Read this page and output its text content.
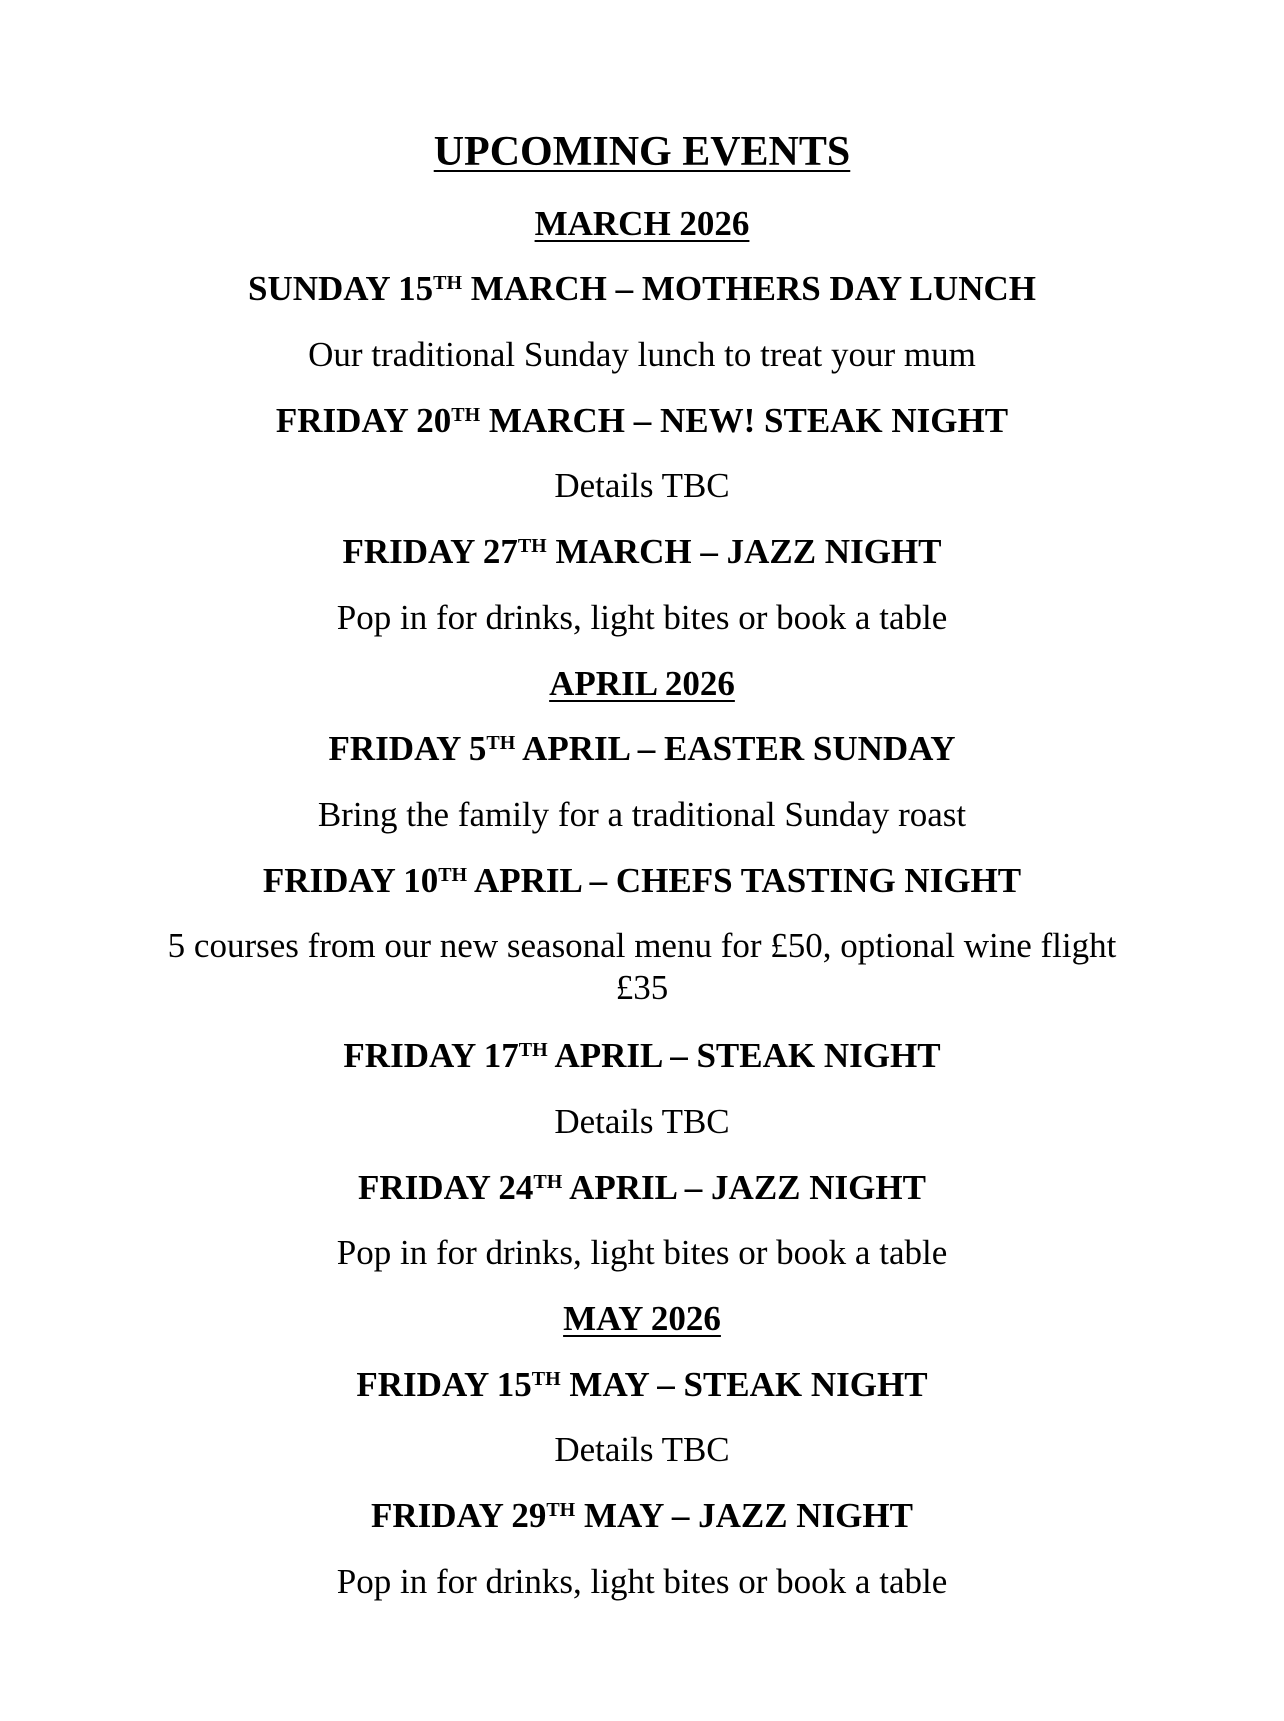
UPCOMING EVENTS
MARCH 2026
SUNDAY 15TH MARCH – MOTHERS DAY LUNCH
Our traditional Sunday lunch to treat your mum
FRIDAY 20TH MARCH – NEW! STEAK NIGHT
Details TBC
FRIDAY 27TH MARCH – JAZZ NIGHT
Pop in for drinks, light bites or book a table
APRIL 2026
FRIDAY 5TH APRIL – EASTER SUNDAY
Bring the family for a traditional Sunday roast
FRIDAY 10TH APRIL – CHEFS TASTING NIGHT
5 courses from our new seasonal menu for £50, optional wine flight £35
FRIDAY 17TH APRIL – STEAK NIGHT
Details TBC
FRIDAY 24TH APRIL – JAZZ NIGHT
Pop in for drinks, light bites or book a table
MAY 2026
FRIDAY 15TH MAY – STEAK NIGHT
Details TBC
FRIDAY 29TH MAY – JAZZ NIGHT
Pop in for drinks, light bites or book a table
